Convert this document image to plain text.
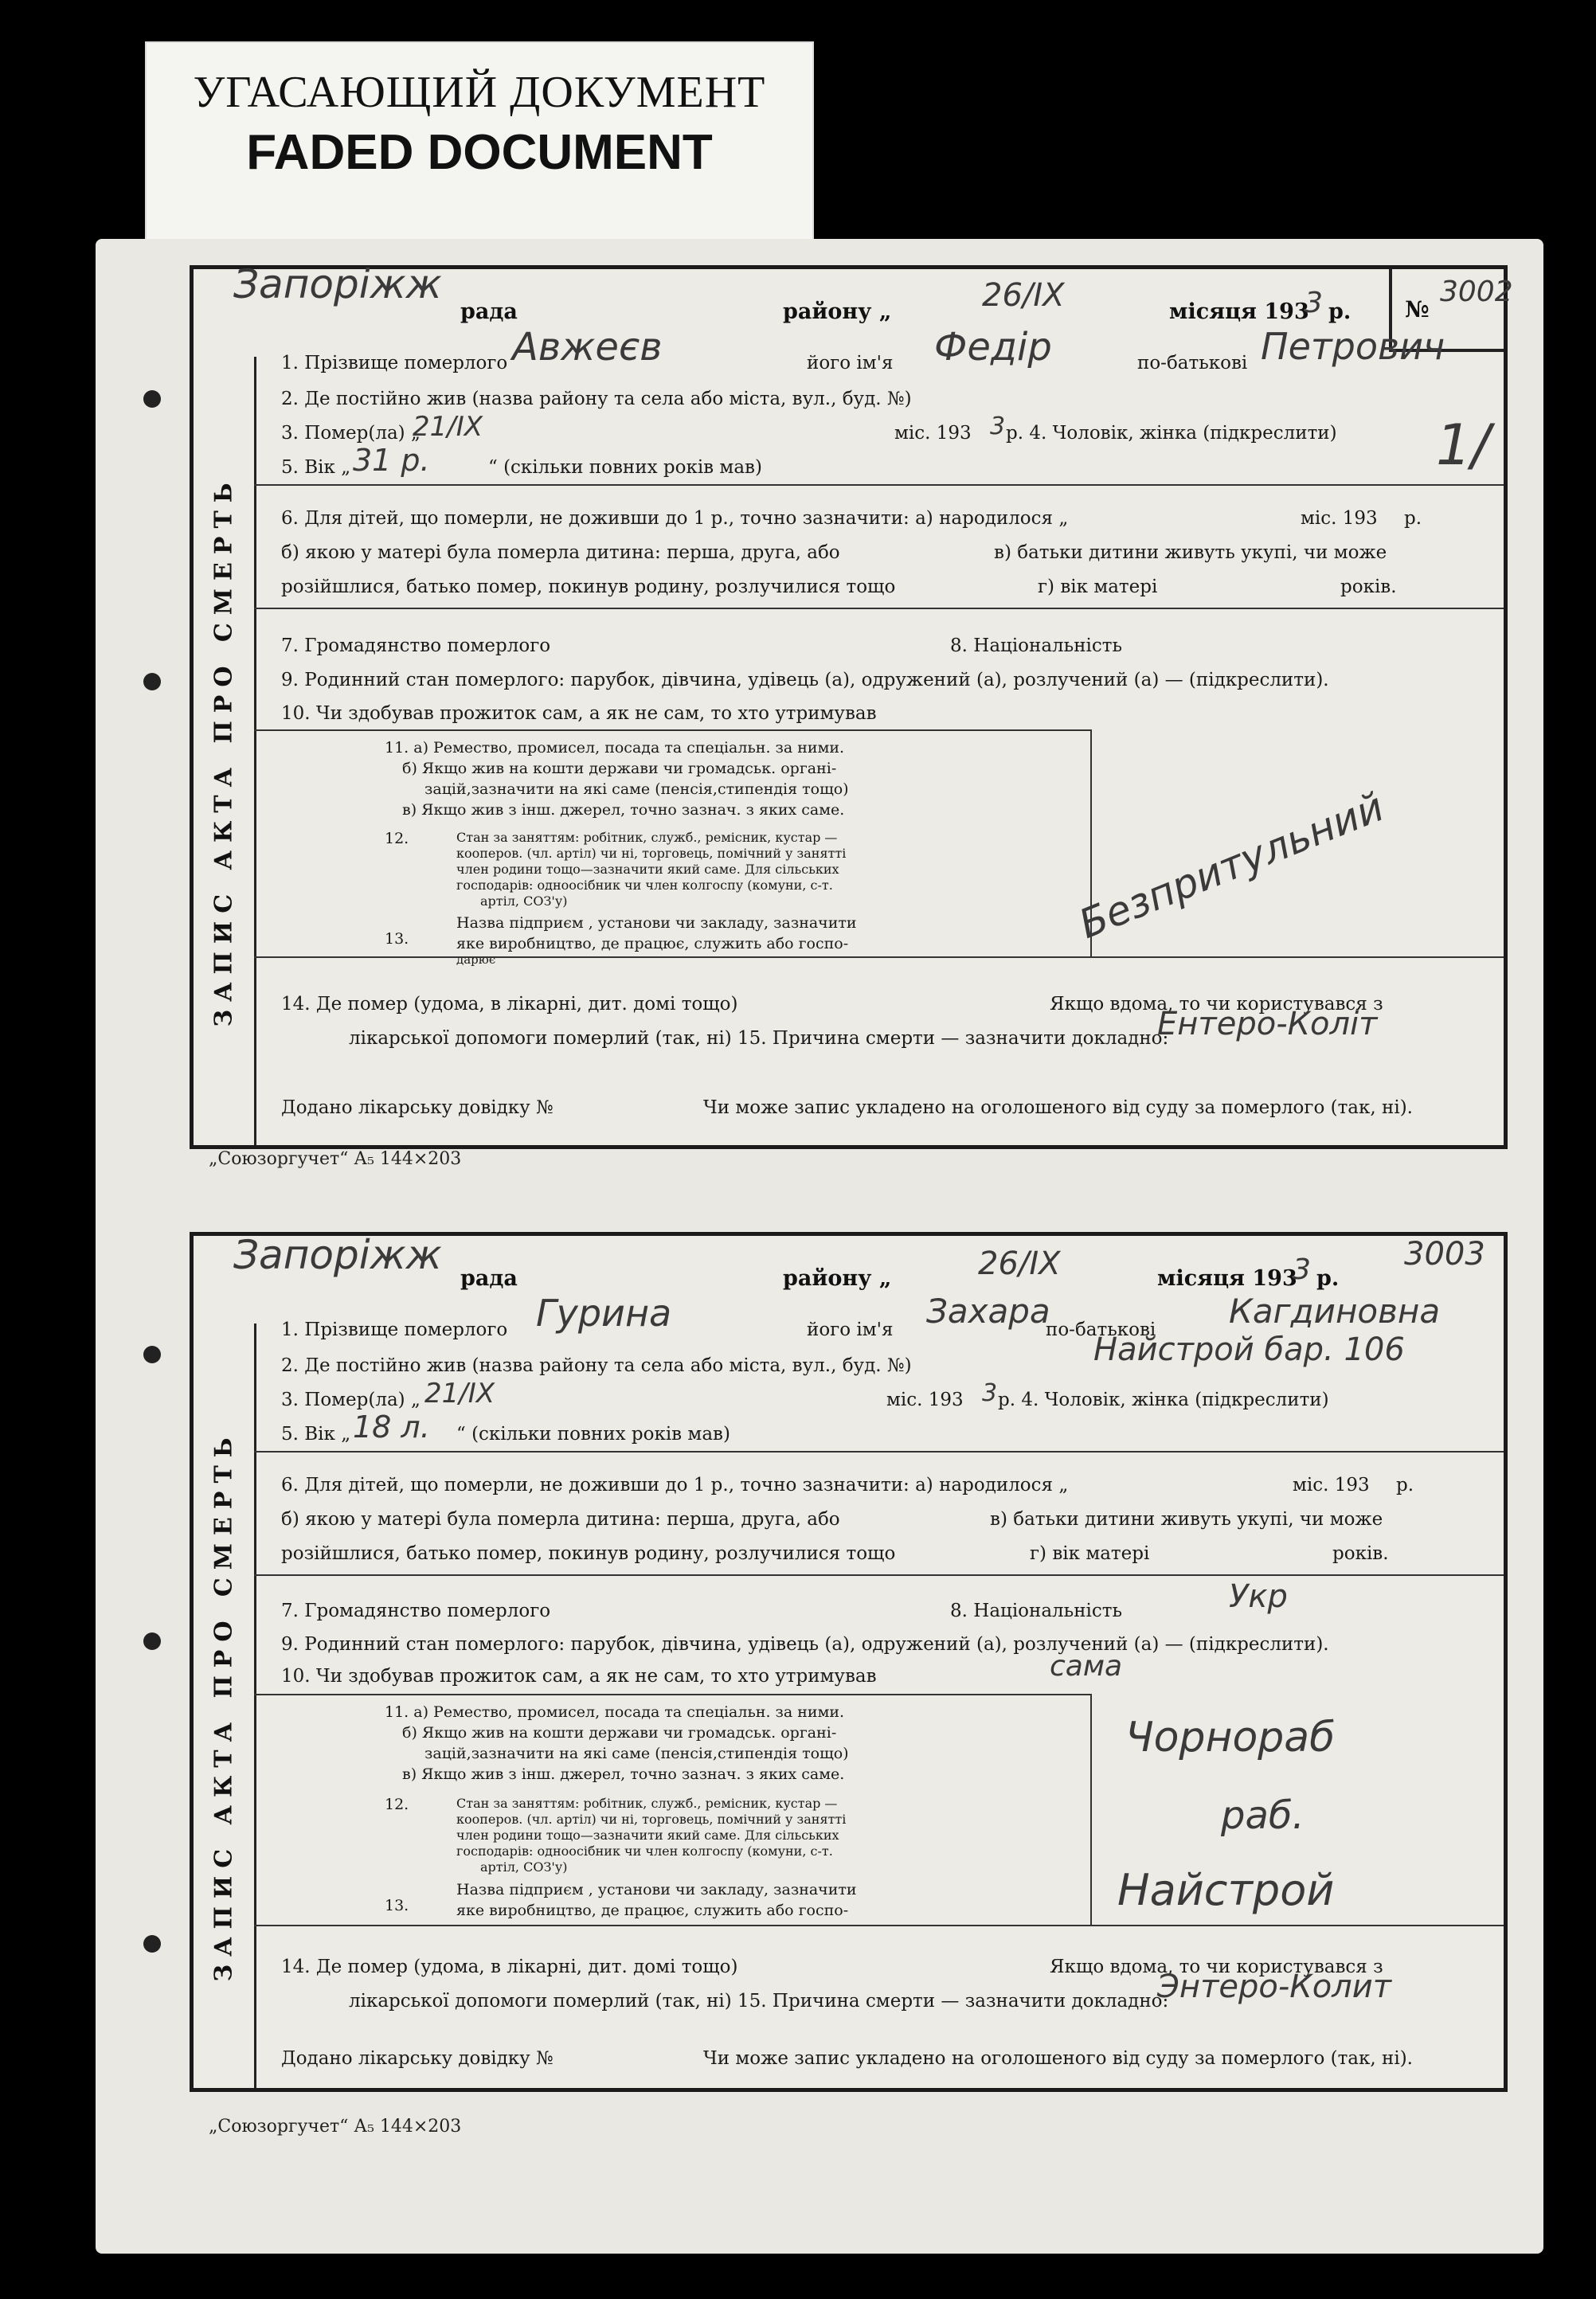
УГАСАЮЩИЙ ДОКУМЕНТ
FADED DOCUMENT
Запоріжж
рада	району „	26/IX	місяця 193
3 р. №
3002
ЗАПИС АКТА ПРО СМЕРТЬ
1. Прізвище померлого	його ім'я	по-батькові
Авжеєв	Федір	Петрович
2. Де постійно жив (назва району та села або міста, вул., буд. №)
3. Помер(ла) „
21/IX	міс. 193 3 р. 4. Чоловік, жінка (підкреслити)
5. Вік „ 31 р.	“ (скільки повних років мав)	1/
6. Для дітей, що померли, не доживши до 1 р., точно зазначити: а) народилося „	міс. 193	р.
б) якою у матері була померла дитина: перша, друга, або	в) батьки дитини живуть укупі, чи може
розійшлися, батько помер, покинув родину, розлучилися тощо	г) вік матері	років.
7. Громадянство померлого	8. Національність
9. Родинний стан померлого: парубок, дівчина, удівець (а), одружений (а), розлучений (а) — (підкреслити).
10. Чи здобував прожиток сам, а як не сам, то хто утримував
11. а) Ремество, промисел, посада та спеціальн. за ними.
б) Якщо жив на кошти держави чи громадськ. органі-
зацій,зазначити на які саме (пенсія,стипендія тощо)
в) Якщо жив з інш. джерел, точно зазнач. з яких саме.
12.	Стан за заняттям: робітник, служб., ремісник, кустар —
кооперов. (чл. артіл) чи ні, торговець, помічний у занятті
член родини тощо—зазначити який саме. Для сільських
господарів: одноосібник чи член колгоспу (комуни, с-т.
артіл, СОЗ'у)
13.
Назва підприєм , установи чи закладу, зазначити
яке виробництво, де працює, служить або госпо-
дарює
Безпритульний
14. Де помер (удома, в лікарні, дит. домі тощо)	Якщо вдома, то чи користувався з
лікарської допомоги померлий (так, ні) 15. Причина смерти — зазначити докладно:
Ентеро-Коліт
Додано лікарську довідку №	Чи може запис укладено на оголошеного від суду за померлого (так, ні).
„Союзоргучет“ А₅ 144×203
Запоріжж
рада	району „	26/IX	місяця 193
3 р.
3003
ЗАПИС АКТА ПРО СМЕРТЬ
1. Прізвище померлого	його ім'я	по-батькові
Гурина	Захара	Кагдиновна
2. Де постійно жив (назва району та села або міста, вул., буд. №)	Найстрой бар. 106
3. Помер(ла) „ 21/IX	міс. 193 3 р. 4. Чоловік, жінка (підкреслити)
5. Вік „ 18 л. “ (скільки повних років мав)
6. Для дітей, що померли, не доживши до 1 р., точно зазначити: а) народилося „	міс. 193	р.
б) якою у матері була померла дитина: перша, друга, або	в) батьки дитини живуть укупі, чи може
розійшлися, батько помер, покинув родину, розлучилися тощо	г) вік матері	років.
7. Громадянство померлого	8. Національність	Укр
9. Родинний стан померлого: парубок, дівчина, удівець (а), одружений (а), розлучений (а) — (підкреслити).
10. Чи здобував прожиток сам, а як не сам, то хто утримував	сама
11. а) Ремество, промисел, посада та спеціальн. за ними.
б) Якщо жив на кошти держави чи громадськ. органі-
зацій,зазначити на які саме (пенсія,стипендія тощо)
в) Якщо жив з інш. джерел, точно зазнач. з яких саме.
12.	Стан за заняттям: робітник, служб., ремісник, кустар —
кооперов. (чл. артіл) чи ні, торговець, помічний у занятті
член родини тощо—зазначити який саме. Для сільських
господарів: одноосібник чи член колгоспу (комуни, с-т.
артіл, СОЗ'у)
13.
Назва підприєм , установи чи закладу, зазначити
яке виробництво, де працює, служить або госпо-
Чорнораб
раб.
Найстрой
14. Де помер (удома, в лікарні, дит. домі тощо)	Якщо вдома, то чи користувався з
лікарської допомоги померлий (так, ні) 15. Причина смерти — зазначити докладно:
Энтеро-Колит
Додано лікарську довідку №	Чи може запис укладено на оголошеного від суду за померлого (так, ні).
„Союзоргучет“ А₅ 144×203
